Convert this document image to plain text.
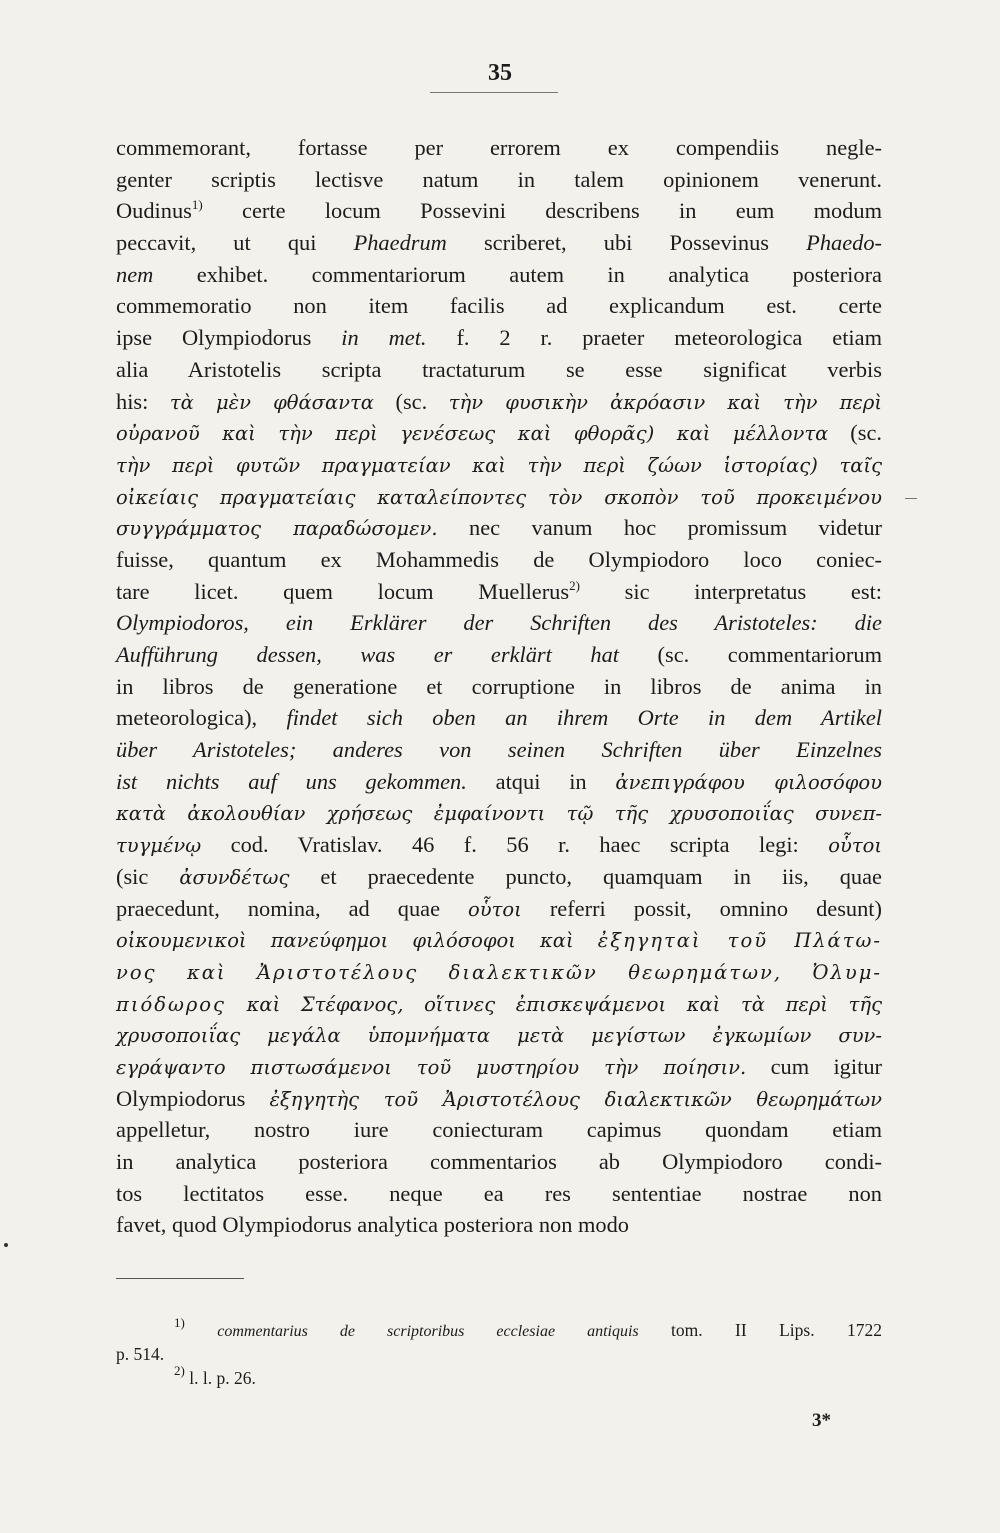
35
commemorant, fortasse per errorem ex compendiis negle-
genter scriptis lectisve natum in talem opinionem venerunt.
Oudinus$^{1)}$ certe locum Possevini describens in eum modum
peccavit, ut qui Phaedrum scriberet, ubi Possevinus Phaedo-
nem exhibet. commentariorum autem in analytica posteriora
commemoratio non item facilis ad explicandum est. certe
ipse Olympiodorus in met. f. 2 r. praeter meteorologica etiam
alia Aristotelis scripta tractaturum se esse significat verbis
his: τὰ μὲν φθάσαντα (sc. τὴν φυσικὴν ἀκρόασιν καὶ τὴν περὶ
οὐρανοῦ καὶ τὴν περὶ γενέσεως καὶ φθορᾶς) καὶ μέλλοντα (sc.
τὴν περὶ φυτῶν πραγματείαν καὶ τὴν περὶ ζώων ἱστορίας) ταῖς
οἰκείαις πραγματείαις καταλείποντες τὸν σκοπὸν τοῦ προκειμένου
συγγράμματος παραδώσομεν. nec vanum hoc promissum videtur
fuisse, quantum ex Mohammedis de Olympiodoro loco coniec-
tare licet. quem locum Muellerus$^{2)}$ sic interpretatus est:
Olympiodoros, ein Erklärer der Schriften des Aristoteles: die
Aufführung dessen, was er erklärt hat (sc. commentariorum
in libros de generatione et corruptione in libros de anima in
meteorologica), findet sich oben an ihrem Orte in dem Artikel
über Aristoteles; anderes von seinen Schriften über Einzelnes
ist nichts auf uns gekommen. atqui in ἀνεπιγράφου φιλοσόφου
κατὰ ἀκολουθίαν χρήσεως ἐμφαίνοντι τῷ τῆς χρυσοποιΐας συνεπ-
τυγμένῳ cod. Vratislav. 46 f. 56 r. haec scripta legi: οὗτοι
(sic ἀσυνδέτως et praecedente puncto, quamquam in iis, quae
praecedunt, nomina, ad quae οὗτοι referri possit, omnino desunt)
οἰκουμενικοὶ πανεύφημοι φιλόσοφοι καὶ ἐξηγηταὶ τοῦ Πλάτω-
νος καὶ Ἀριστοτέλους διαλεκτικῶν θεωρημάτων, Ὀλυμ-
πιόδωρος καὶ Στέφανος, οἵτινες ἐπισκεψάμενοι καὶ τὰ περὶ τῆς
χρυσοποιΐας μεγάλα ὑπομνήματα μετὰ μεγίστων ἐγκωμίων συν-
εγράψαντο πιστωσάμενοι τοῦ μυστηρίου τὴν ποίησιν. cum igitur
Olympiodorus ἐξηγητὴς τοῦ Ἀριστοτέλους διαλεκτικῶν θεωρημάτων
appelletur, nostro iure coniecturam capimus quondam etiam
in analytica posteriora commentarios ab Olympiodoro condi-
tos lectitatos esse. neque ea res sententiae nostrae non
favet, quod Olympiodorus analytica posteriora non modo
$^{1)}$ commentarius de scriptoribus ecclesiae antiquis tom. II Lips. 1722
p. 514.
$^{2)}$ l. l. p. 26.
3*
